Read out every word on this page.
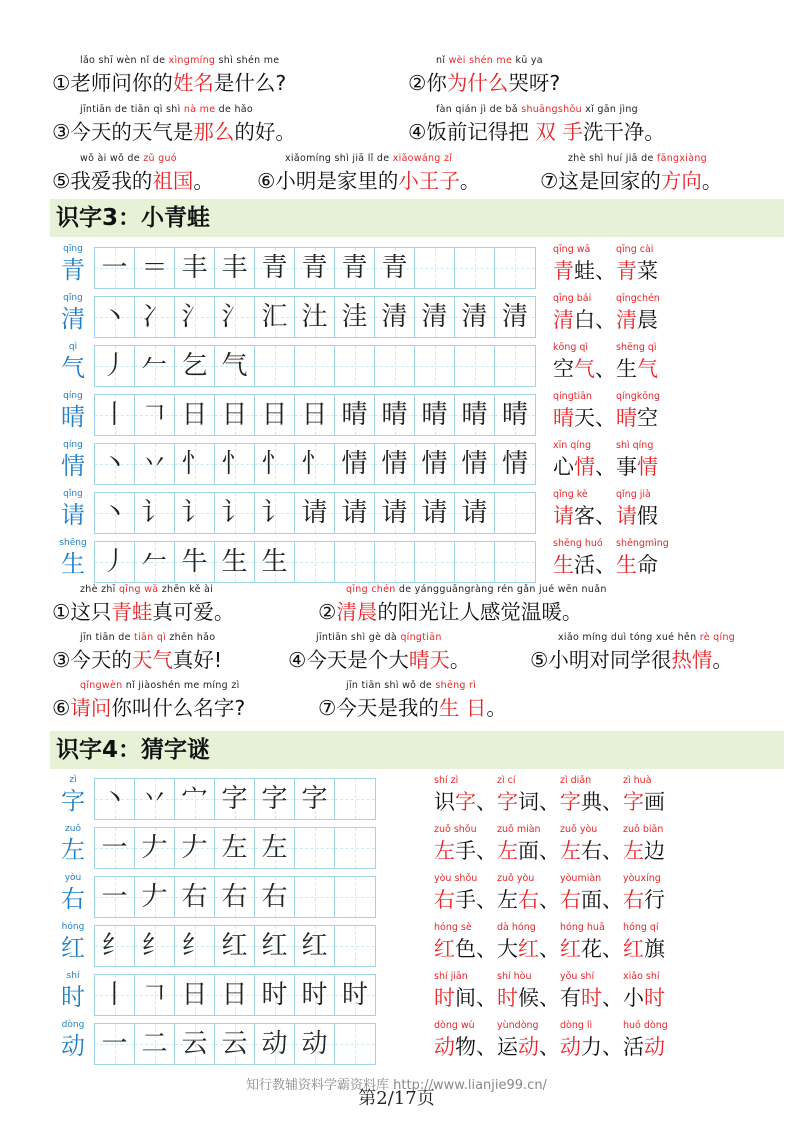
lǎo shī wèn nǐ de xìngmíng shì shén me
①老师问你的姓名是什么?
nǐ wèi shén me kū ya
②你为什么哭呀?
jīntiān de tiān qì shì nà me de hǎo
③今天的天气是那么的好。
fàn qián jì de bǎ shuāngshǒu xǐ gān jìng
④饭前记得把 双 手洗干净。
wǒ ài wǒ de zǔ guó
⑤我爱我的祖国。
xiǎomíng shì jiā lǐ de xiǎowáng zǐ
⑥小明是家里的小王子。
zhè shì huí jiā de fāngxiàng
⑦这是回家的方向。
识字3：小青蛙
qīng
青 一 ＝ 丰 丰 青 青 青 青
qīng wā
青蛙、
qīng cài
青菜
qīng
清 丶 冫 氵 氵 汇 汢 洼 清 清 清 清
qīng bái
清白、
qīngchén
清晨
qì
气 丿 𠂉 乞 气
kōng qì
空气、
shēng qì
生气
qíng
晴 丨 𠃍 日 日 日 日 晴 晴 晴 晴 晴
qíngtiān
晴天、
qíngkōng
晴空
qíng
情 丶 丷 忄 忄 忄 忄 情 情 情 情 情
xīn qíng
心情、
shì qíng
事情
qǐng
请 丶 讠 讠 讠 讠 请 请 请 请 请
qǐng kè
请客、
qǐng jià
请假
shēng
生 丿 𠂉 牛 生 生
shēng huó
生活、
shēngmìng
生命
zhè zhī qīng wā zhēn kě ài
①这只青蛙真可爱。
qīng chén de yángguāngràng rén gǎn jué wēn nuǎn
②清晨的阳光让人感觉温暖。
jīn tiān de tiān qì zhēn hǎo
③今天的天气真好!
jīntiān shì gè dà qíngtiān
④今天是个大晴天。
xiǎo míng duì tóng xué hěn rè qíng
⑤小明对同学很热情。
qǐngwèn nǐ jiàoshén me míng zì
⑥请问你叫什么名字?
jīn tiān shì wǒ de shēng rì
⑦今天是我的生 日。
识字4：猜字谜
zì
字 丶 丷 宀 字 字 字
shí zì
识字、
zì cí
字词、
zì diǎn
字典、
zì huà
字画
zuǒ
左 一 𠂇 𠂇 左 左
zuǒ shǒu
左手、
zuǒ miàn
左面、
zuǒ yòu
左右、
zuǒ biān
左边
yòu
右 一 𠂇 右 右 右
yòu shǒu
右手、
zuǒ yòu
左右、
yòumiàn
右面、
yòuxíng
右行
hóng
红 纟 纟 纟 红 红 红
hóng sè
红色、
dà hóng
大红、
hóng huā
红花、
hóng qí
红旗
shí
时 丨 𠃍 日 日 时 时 时
shí jiān
时间、
shí hòu
时候、
yǒu shí
有时、
xiǎo shí
小时
dòng
动 一 二 云 云 动 动
dòng wù
动物、
yùndòng
运动、
dòng lì
动力、
huó dòng
活动
知行教辅资料学霸资料库 http://www.lianjie99.cn/
第2/17页
